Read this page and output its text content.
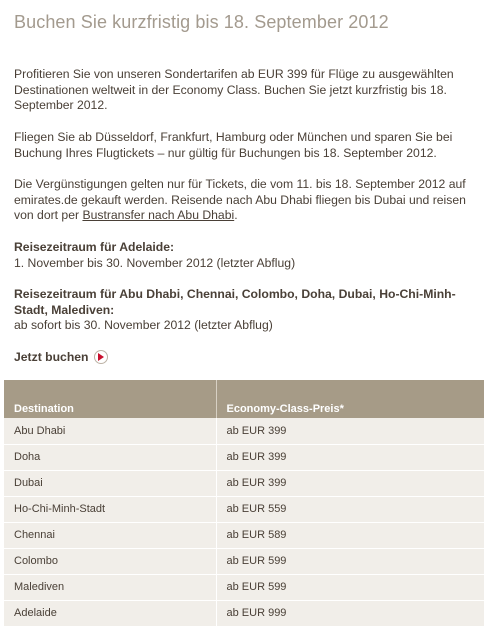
Buchen Sie kurzfristig bis 18. September 2012

Profitieren Sie von unseren Sondertarifen ab EUR 399 für Flüge zu ausgewählten Destinationen weltweit in der Economy Class. Buchen Sie jetzt kurzfristig bis 18. September 2012.

Fliegen Sie ab Düsseldorf, Frankfurt, Hamburg oder München und sparen Sie bei Buchung Ihres Flugtickets – nur gültig für Buchungen bis 18. September 2012.

Die Vergünstigungen gelten nur für Tickets, die vom 11. bis 18. September 2012 auf emirates.de gekauft werden. Reisende nach Abu Dhabi fliegen bis Dubai und reisen von dort per Bustransfer nach Abu Dhabi.

Reisezeitraum für Adelaide:
1. November bis 30. November 2012 (letzter Abflug)

Reisezeitraum für Abu Dhabi, Chennai, Colombo, Doha, Dubai, Ho-Chi-Minh-Stadt, Malediven:
ab sofort bis 30. November 2012 (letzter Abflug)

Jetzt buchen
Destination	Economy-Class-Preis*
Abu Dhabi	ab EUR 399
Doha	ab EUR 399
Dubai	ab EUR 399
Ho-Chi-Minh-Stadt	ab EUR 559
Chennai	ab EUR 589
Colombo	ab EUR 599
Malediven	ab EUR 599
Adelaide	ab EUR 999
